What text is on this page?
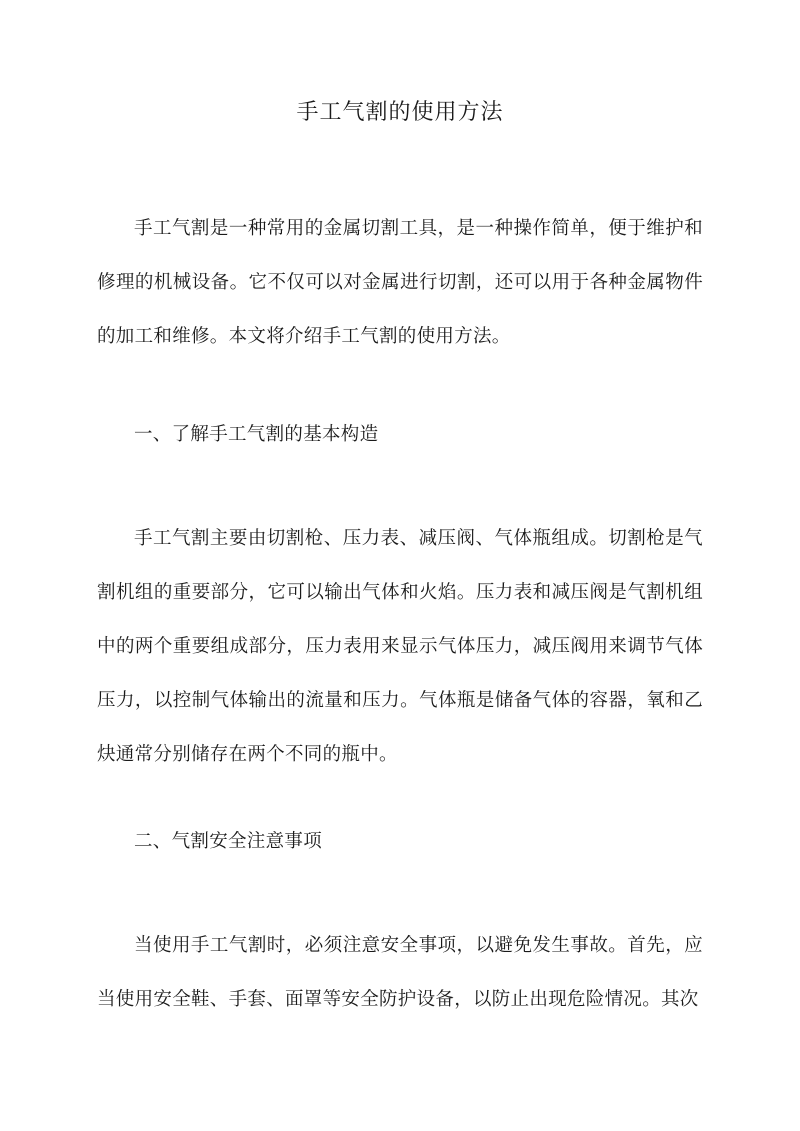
手工气割的使用方法

手工气割是一种常用的金属切割工具，是一种操作简单，便于维护和修理的机械设备。它不仅可以对金属进行切割，还可以用于各种金属物件的加工和维修。本文将介绍手工气割的使用方法。

一、了解手工气割的基本构造

手工气割主要由切割枪、压力表、减压阀、气体瓶组成。切割枪是气割机组的重要部分，它可以输出气体和火焰。压力表和减压阀是气割机组中的两个重要组成部分，压力表用来显示气体压力，减压阀用来调节气体压力，以控制气体输出的流量和压力。气体瓶是储备气体的容器，氧和乙炔通常分别储存在两个不同的瓶中。

二、气割安全注意事项

当使用手工气割时，必须注意安全事项，以避免发生事故。首先，应当使用安全鞋、手套、面罩等安全防护设备，以防止出现危险情况。其次
